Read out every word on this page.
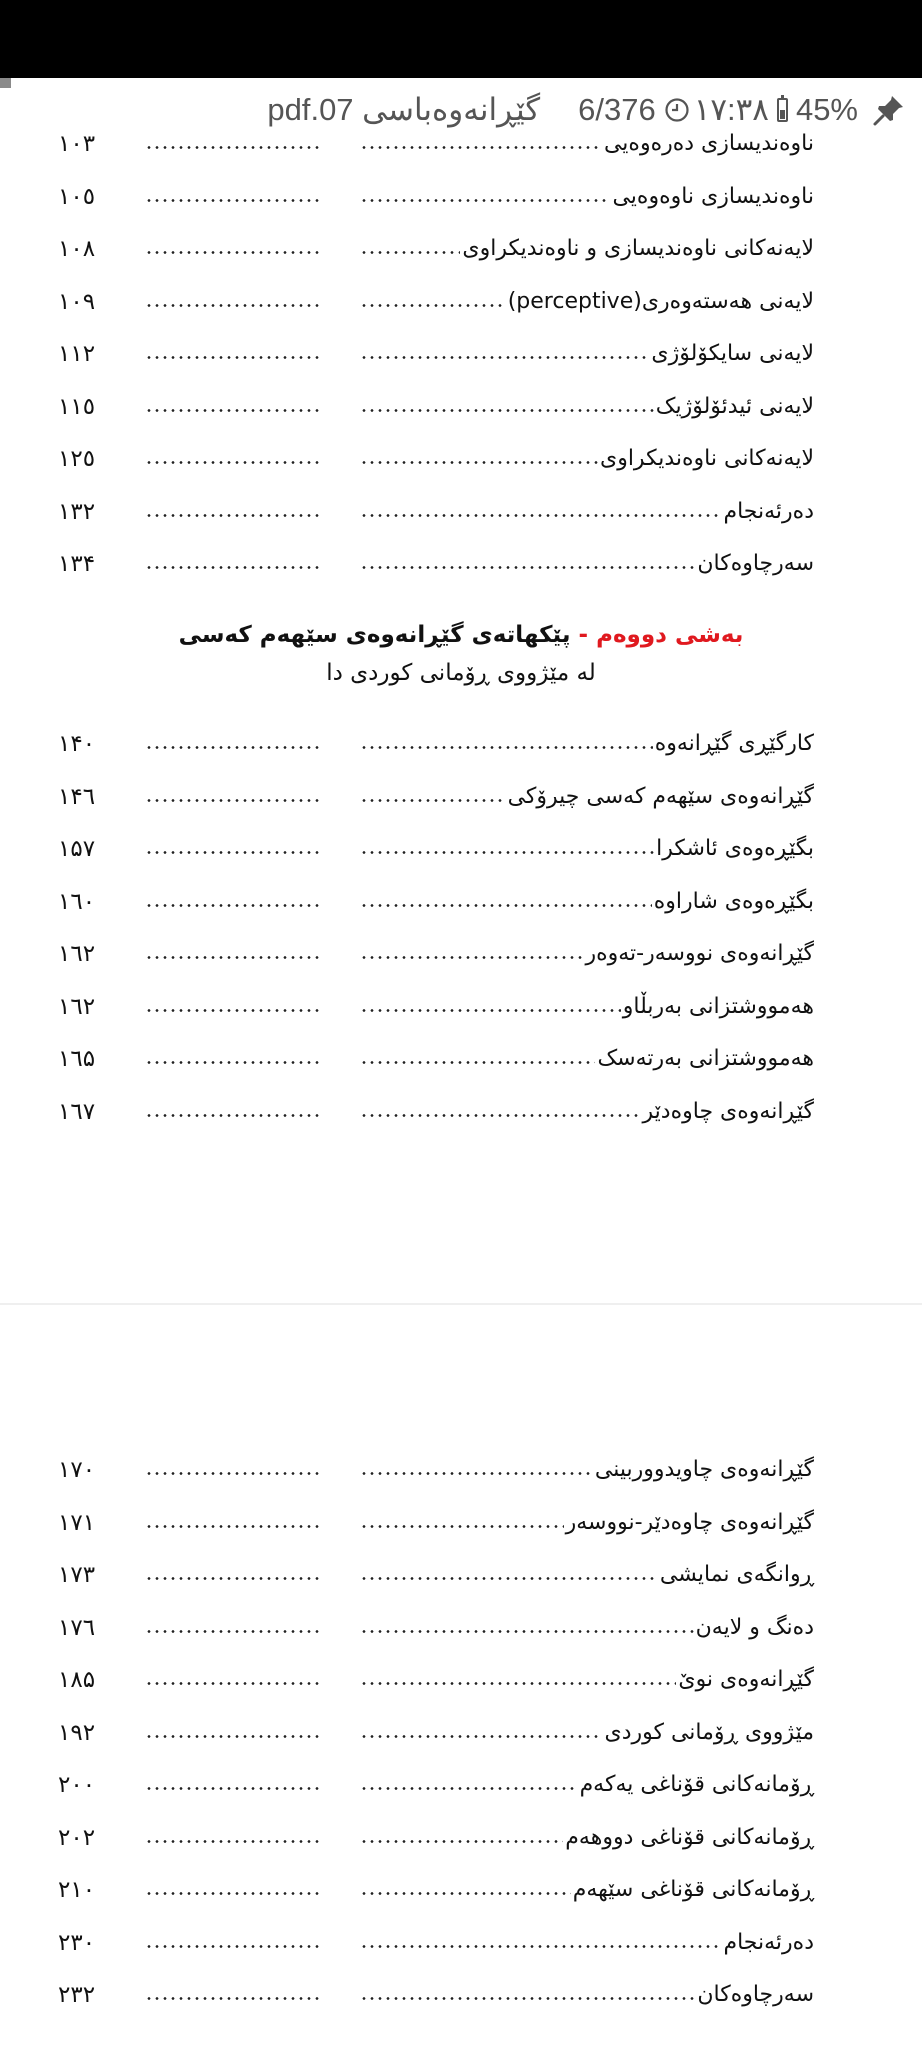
گێڕانەوەباسی 07.pdf 6/376 ١٧:٣٨ 45%
ناوەندیسازی دەرەوەیی
١٠٣
ناوەندیسازی ناوەوەیی
١٠٥
لایەنەکانی ناوەندیسازی و ناوەندیکراوی
١٠٨
لایەنی هەستەوەری(perceptive)
١٠٩
لایەنی سایکۆلۆژی
١١٢
لایەنی ئیدئۆلۆژیک
١١٥
لایەنەکانی ناوەندیکراوی
١٢٥
دەرئەنجام
١٣٢
سەرچاوەکان
١٣۴
بەشی دووەم - پێکهاتەی گێڕانەوەی سێهەم کەسی
لە مێژووی ڕۆمانی کوردی دا
کارگێڕی گێڕانەوە
١۴٠
گێڕانەوەی سێهەم کەسی چیرۆکی
١۴٦
بگێڕەوەی ئاشکرا
١۵٧
بگێڕەوەی شاراوە
١٦٠
گێڕانەوەی نووسەر-تەوەر
١٦٢
هەمووشتزانی بەربڵاو
١٦٢
هەمووشتزانی بەرتەسک
١٦۵
گێڕانەوەی چاوەدێر
١٦٧
گێڕانەوەی چاویدووربینی
١٧٠
گێڕانەوەی چاوەدێر-نووسەر
١٧١
ڕوانگەی نمایشی
١٧٣
دەنگ و لایەن
١٧٦
گێڕانەوەی نوێ
١٨۵
مێژووی ڕۆمانی کوردی
١٩٢
ڕۆمانەکانی قۆناغی یەکەم
٢٠٠
ڕۆمانەکانی قۆناغی دووهەم
٢٠٢
ڕۆمانەکانی قۆناغی سێهەم
٢١٠
دەرئەنجام
٢٣٠
سەرچاوەکان
٢٣٢
